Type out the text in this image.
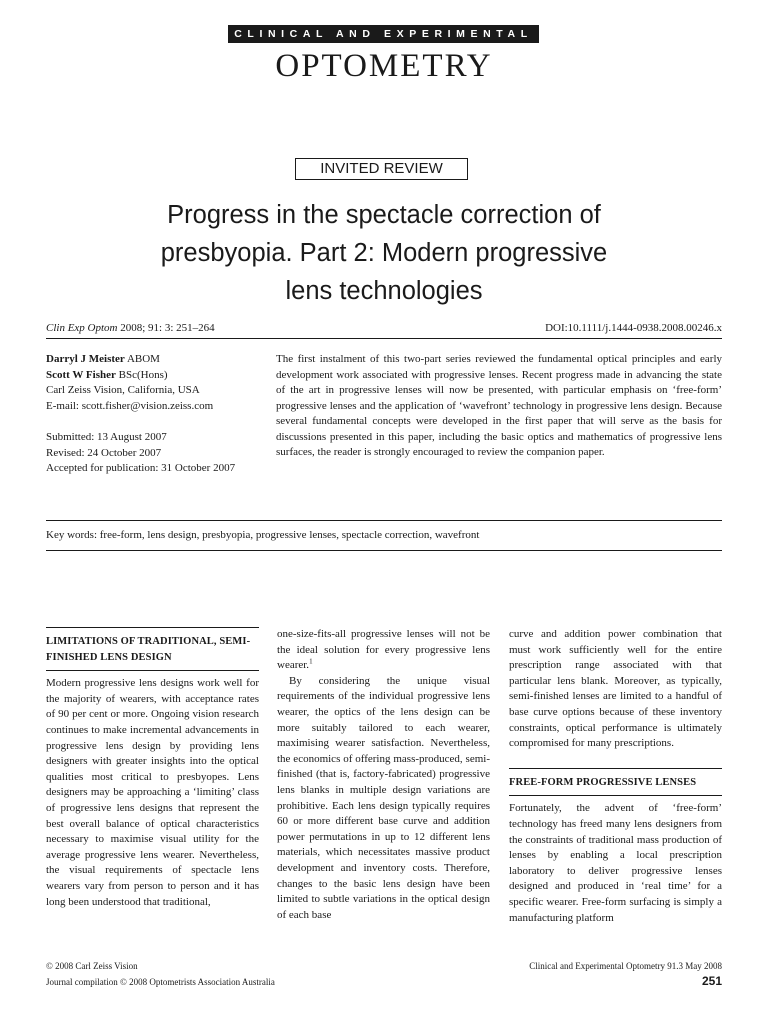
CLINICAL AND EXPERIMENTAL
OPTOMETRY
INVITED REVIEW
Progress in the spectacle correction of
presbyopia. Part 2: Modern progressive
lens technologies
Clin Exp Optom 2008; 91: 3: 251–264	DOI:10.1111/j.1444-0938.2008.00246.x
Darryl J Meister ABOM
Scott W Fisher BSc(Hons)
Carl Zeiss Vision, California, USA
E-mail: scott.fisher@vision.zeiss.com
Submitted: 13 August 2007
Revised: 24 October 2007
Accepted for publication: 31 October 2007
The first instalment of this two-part series reviewed the fundamental optical principles and early development work associated with progressive lenses. Recent progress made in advancing the state of the art in progressive lenses will now be presented, with particular emphasis on ‘free-form’ progressive lenses and the application of ‘wavefront’ technology in progressive lens design. Because several fundamental concepts were developed in the first paper that will serve as the basis for discussions presented in this paper, including the basic optics and mathematics of progressive lens surfaces, the reader is strongly encouraged to review the companion paper.
Key words: free-form, lens design, presbyopia, progressive lenses, spectacle correction, wavefront
LIMITATIONS OF TRADITIONAL, SEMI-FINISHED LENS DESIGN

Modern progressive lens designs work well for the majority of wearers, with acceptance rates of 90 per cent or more. Ongoing vision research continues to make incremental advancements in progressive lens design by providing lens designers with greater insights into the optical qualities most critical to presbyopes. Lens designers may be approaching a ‘limiting’ class of progressive lens designs that represent the best overall balance of optical characteristics necessary to maximise visual utility for the average progressive lens wearer. Nevertheless, the visual requirements of spectacle lens wearers vary from person to person and it has long been understood that traditional,

one-size-fits-all progressive lenses will not be the ideal solution for every progressive lens wearer.$^1$

By considering the unique visual requirements of the individual progressive lens wearer, the optics of the lens design can be more suitably tailored to each wearer, maximising wearer satisfaction. Nevertheless, the economics of offering mass-produced, semi-finished (that is, factory-fabricated) progressive lens blanks in multiple design variations are prohibitive. Each lens design typically requires 60 or more different base curve and addition power permutations in up to 12 different lens materials, which necessitates massive product development and inventory costs. Therefore, changes to the basic lens design have been limited to subtle variations in the optical design of each base

curve and addition power combination that must work sufficiently well for the entire prescription range associated with that particular lens blank. Moreover, as typically, semi-finished lenses are limited to a handful of base curve options because of these inventory constraints, optical performance is ultimately compromised for many prescriptions.

FREE-FORM PROGRESSIVE LENSES

Fortunately, the advent of ‘free-form’ technology has freed many lens designers from the constraints of traditional mass production of lenses by enabling a local prescription laboratory to deliver progressive lenses designed and produced in ‘real time’ for a specific wearer. Free-form surfacing is simply a manufacturing platform

© 2008 Carl Zeiss Vision
Journal compilation © 2008 Optometrists Association Australia
Clinical and Experimental Optometry 91.3 May 2008
251
